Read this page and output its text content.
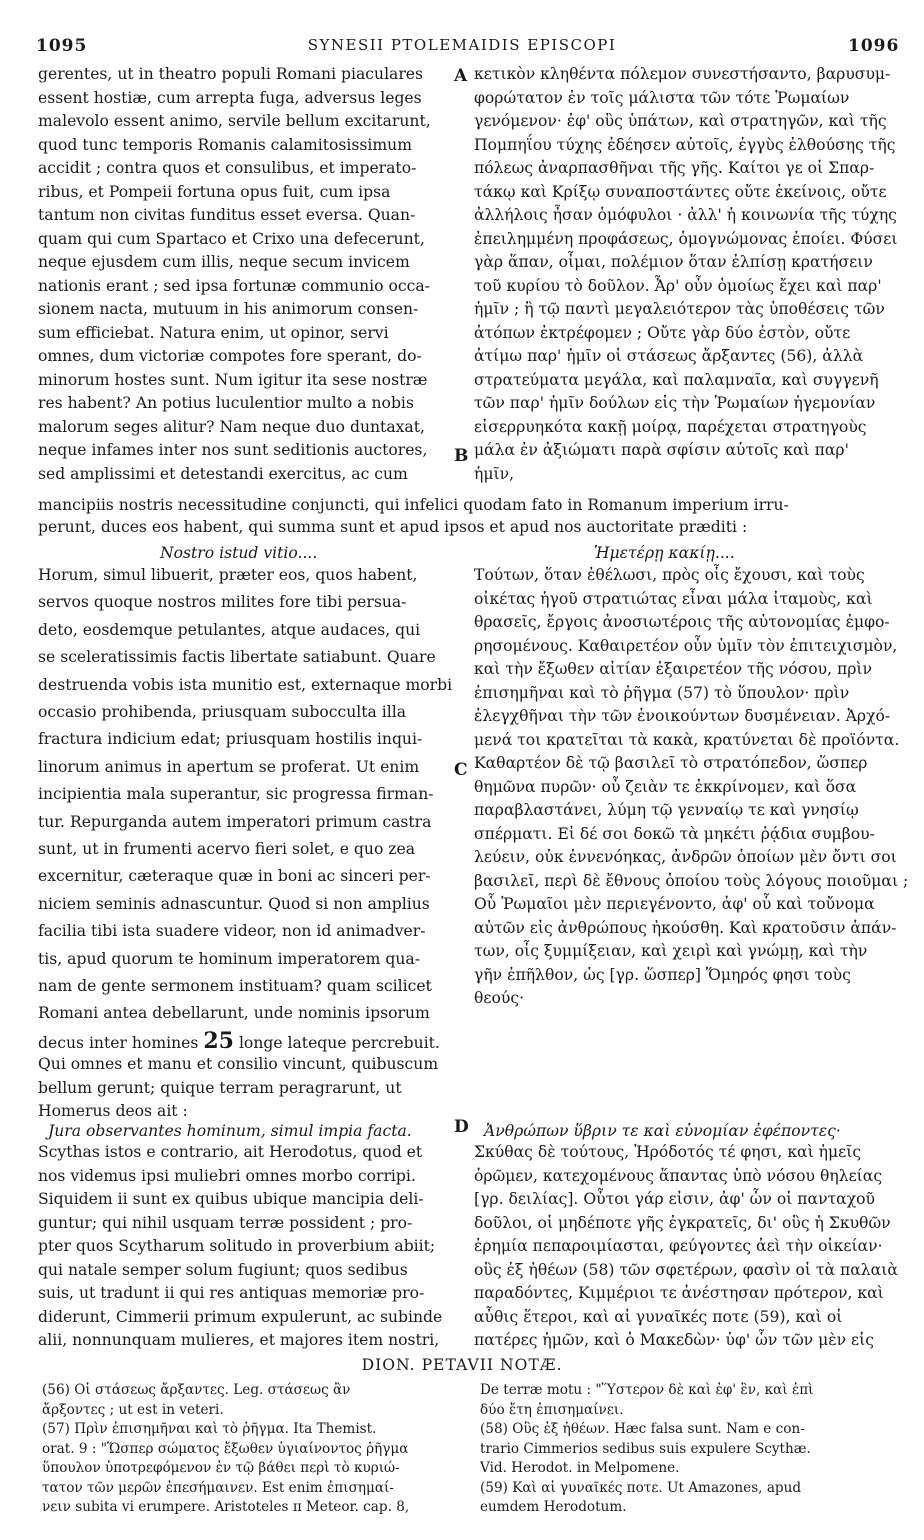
1095	SYNESII PTOLEMAIDIS EPISCOPI	1096
A
B
C
D
gerentes, ut in theatro populi Romani piaculares
essent hostiæ, cum arrepta fuga, adversus leges
malevolo essent animo, servile bellum excitarunt,
quod tunc temporis Romanis calamitosissimum
accidit ; contra quos et consulibus, et imperato-
ribus, et Pompeii fortuna opus fuit, cum ipsa
tantum non civitas funditus esset eversa. Quan-
quam qui cum Spartaco et Crixo una defecerunt,
neque ejusdem cum illis, neque secum invicem
nationis erant ; sed ipsa fortunæ communio occa-
sionem nacta, mutuum in his animorum consen-
sum efficiebat. Natura enim, ut opinor, servi
omnes, dum victoriæ compotes fore sperant, do-
minorum hostes sunt. Num igitur ita sese nostræ
res habent? An potius luculentior multo a nobis
malorum seges alitur? Nam neque duo duntaxat,
neque infames inter nos sunt seditionis auctores,
sed amplissimi et detestandi exercitus, ac cum
κετικὸν κληθέντα πόλεμον συνεστήσαντο, βαρυσυμ-
φορώτατον ἐν τοῖς μάλιστα τῶν τότε Ῥωμαίων
γενόμενον· ἐφ' οὓς ὑπάτων, καὶ στρατηγῶν, καὶ τῆς
Πομπηΐου τύχης ἐδέησεν αὐτοῖς, ἐγγὺς ἐλθούσης τῆς
πόλεως ἀναρπασθῆναι τῆς γῆς. Καίτοι γε οἱ Σπαρ-
τάκῳ καὶ Κρίξῳ συναποστάντες οὔτε ἐκείνοις, οὔτε
ἀλλήλοις ἦσαν ὁμόφυλοι · ἀλλ' ἡ κοινωνία τῆς τύχης
ἐπειλημμένη προφάσεως, ὁμογνώμονας ἐποίει. Φύσει
γὰρ ἅπαν, οἶμαι, πολέμιον ὅταν ἐλπίσῃ κρατήσειν
τοῦ κυρίου τὸ δοῦλον. Ἆρ' οὖν ὁμοίως ἔχει καὶ παρ'
ἡμῖν ; ἢ τῷ παντὶ μεγαλειότερον τὰς ὑποθέσεις τῶν
ἀτόπων ἐκτρέφομεν ; Οὔτε γὰρ δύο ἐστὸν, οὔτε
ἀτίμω παρ' ἡμῖν οἱ στάσεως ἄρξαντες (56), ἀλλὰ
στρατεύματα μεγάλα, καὶ παλαμναῖα, καὶ συγγενῆ
τῶν παρ' ἡμῖν δούλων εἰς τὴν Ῥωμαίων ἡγεμονίαν
εἰσερρυηκότα κακῇ μοίρᾳ, παρέχεται στρατηγοὺς
μάλα ἐν ἀξιώματι παρὰ σφίσιν αὐτοῖς καὶ παρ'
ἡμῖν,
mancipiis nostris necessitudine conjuncti, qui infelici quodam fato in Romanum imperium irru-
perunt, duces eos habent, qui summa sunt et apud ipsos et apud nos auctoritate præditi :
Nostro istud vitio....	Ἡμετέρῃ κακίῃ....
Horum, simul libuerit, præter eos, quos habent,
servos quoque nostros milites fore tibi persua-
deto, eosdemque petulantes, atque audaces, qui
se sceleratissimis factis libertate satiabunt. Quare
destruenda vobis ista munitio est, externaque morbi
occasio prohibenda, priusquam subocculta illa
fractura indicium edat; priusquam hostilis inqui-
linorum animus in apertum se proferat. Ut enim
incipientia mala superantur, sic progressa firman-
tur. Repurganda autem imperatori primum castra
sunt, ut in frumenti acervo fieri solet, e quo zea
excernitur, cæteraque quæ in boni ac sinceri per-
niciem seminis adnascuntur. Quod si non amplius
facilia tibi ista suadere videor, non id animadver-
tis, apud quorum te hominum imperatorem qua-
nam de gente sermonem instituam? quam scilicet
Romani antea debellarunt, unde nominis ipsorum
decus inter homines 25 longe lateque percrebuit.
Qui omnes et manu et consilio vincunt, quibuscum
bellum gerunt; quique terram peragrarunt, ut
Homerus deos ait :
Τούτων, ὅταν ἐθέλωσι, πρὸς οἷς ἔχουσι, καὶ τοὺς
οἰκέτας ἡγοῦ στρατιώτας εἶναι μάλα ἰταμοὺς, καὶ
θρασεῖς, ἔργοις ἀνοσιωτέροις τῆς αὐτονομίας ἐμφο-
ρησομένους. Καθαιρετέον οὖν ὑμῖν τὸν ἐπιτειχισμὸν,
καὶ τὴν ἔξωθεν αἰτίαν ἐξαιρετέον τῆς νόσου, πρὶν
ἐπισημῆναι καὶ τὸ ῥῆγμα (57) τὸ ὕπουλον· πρὶν
ἐλεγχθῆναι τὴν τῶν ἐνοικούντων δυσμένειαν. Ἀρχό-
μενά τοι κρατεῖται τὰ κακὰ, κρατύνεται δὲ προϊόντα.
Καθαρτέον δὲ τῷ βασιλεῖ τὸ στρατόπεδον, ὥσπερ
θημῶνα πυρῶν· οὗ ζειὰν τε ἐκκρίνομεν, καὶ ὅσα
παραβλαστάνει, λύμη τῷ γενναίῳ τε καὶ γνησίῳ
σπέρματι. Εἰ δέ σοι δοκῶ τὰ μηκέτι ῥᾴδια συμβου-
λεύειν, οὐκ ἐννενόηκας, ἀνδρῶν ὁποίων μὲν ὄντι σοι
βασιλεῖ, περὶ δὲ ἔθνους ὁποίου τοὺς λόγους ποιοῦμαι ;
Οὗ Ῥωμαῖοι μὲν περιεγένοντο, ἀφ' οὗ καὶ τοὔνομα
αὐτῶν εἰς ἀνθρώπους ἠκούσθη. Καὶ κρατοῦσιν ἁπάν-
των, οἷς ξυμμίξειαν, καὶ χειρὶ καὶ γνώμῃ, καὶ τὴν
γῆν ἐπῆλθον, ὡς [γρ. ὥσπερ] Ὅμηρός φησι τοὺς
θεούς·
Jura observantes hominum, simul impia facta.	Ἀνθρώπων ὕβριν τε καὶ εὐνομίαν ἐφέποντες·
Scythas istos e contrario, ait Herodotus, quod et
nos videmus ipsi muliebri omnes morbo corripi.
Siquidem ii sunt ex quibus ubique mancipia deli-
guntur; qui nihil usquam terræ possident ; pro-
pter quos Scytharum solitudo in proverbium abiit;
qui natale semper solum fugiunt; quos sedibus
suis, ut tradunt ii qui res antiquas memoriæ pro-
diderunt, Cimmerii primum expulerunt, ac subinde
alii, nonnunquam mulieres, et majores item nostri,
Σκύθας δὲ τούτους, Ἡρόδοτός τέ φησι, καὶ ἡμεῖς
ὁρῶμεν, κατεχομένους ἅπαντας ὑπὸ νόσου θηλείας
[γρ. δειλίας]. Οὗτοι γάρ εἰσιν, ἀφ' ὧν οἱ πανταχοῦ
δοῦλοι, οἱ μηδέποτε γῆς ἐγκρατεῖς, δι' οὓς ἡ Σκυθῶν
ἐρημία πεπαροιμίασται, φεύγοντες ἀεὶ τὴν οἰκείαν·
οὓς ἐξ ἠθέων (58) τῶν σφετέρων, φασὶν οἱ τὰ παλαιὰ
παραδόντες, Κιμμέριοι τε ἀνέστησαν πρότερον, καὶ
αὖθις ἕτεροι, καὶ αἱ γυναῖκές ποτε (59), καὶ οἱ
πατέρες ἡμῶν, καὶ ὁ Μακεδὼν· ὑφ' ὧν τῶν μὲν εἰς
DION. PETAVII NOTÆ.
(56) Οἱ στάσεως ἄρξαντες. Leg. στάσεως ἂν
ἄρξοντες ; ut est in veteri.
(57) Πρὶν ἐπισημῆναι καὶ τὸ ῥῆγμα. Ita Themist.
orat. 9 : "Ὥσπερ σώματος ἔξωθεν ὑγιαίνοντος ῥῆγμα
ὕπουλον ὑποτρεφόμενον ἐν τῷ βάθει περὶ τὸ κυριώ-
τατον τῶν μερῶν ἐπεσήμαινεν. Est enim ἐπισημαί-
νειν subita vi erumpere. Aristoteles ɪɪ Meteor. cap. 8,
De terræ motu : "Ὕστερον δὲ καὶ ἐφ' ἓν, καὶ ἐπὶ
δύο ἔτη ἐπισημαίνει.
(58) Οὓς ἐξ ἠθέων. Hæc falsa sunt. Nam e con-
trario Cimmerios sedibus suis expulere Scythæ.
Vid. Herodot. in Melpomene.
(59) Καὶ αἱ γυναῖκές ποτε. Ut Amazones, apud
eumdem Herodotum.
